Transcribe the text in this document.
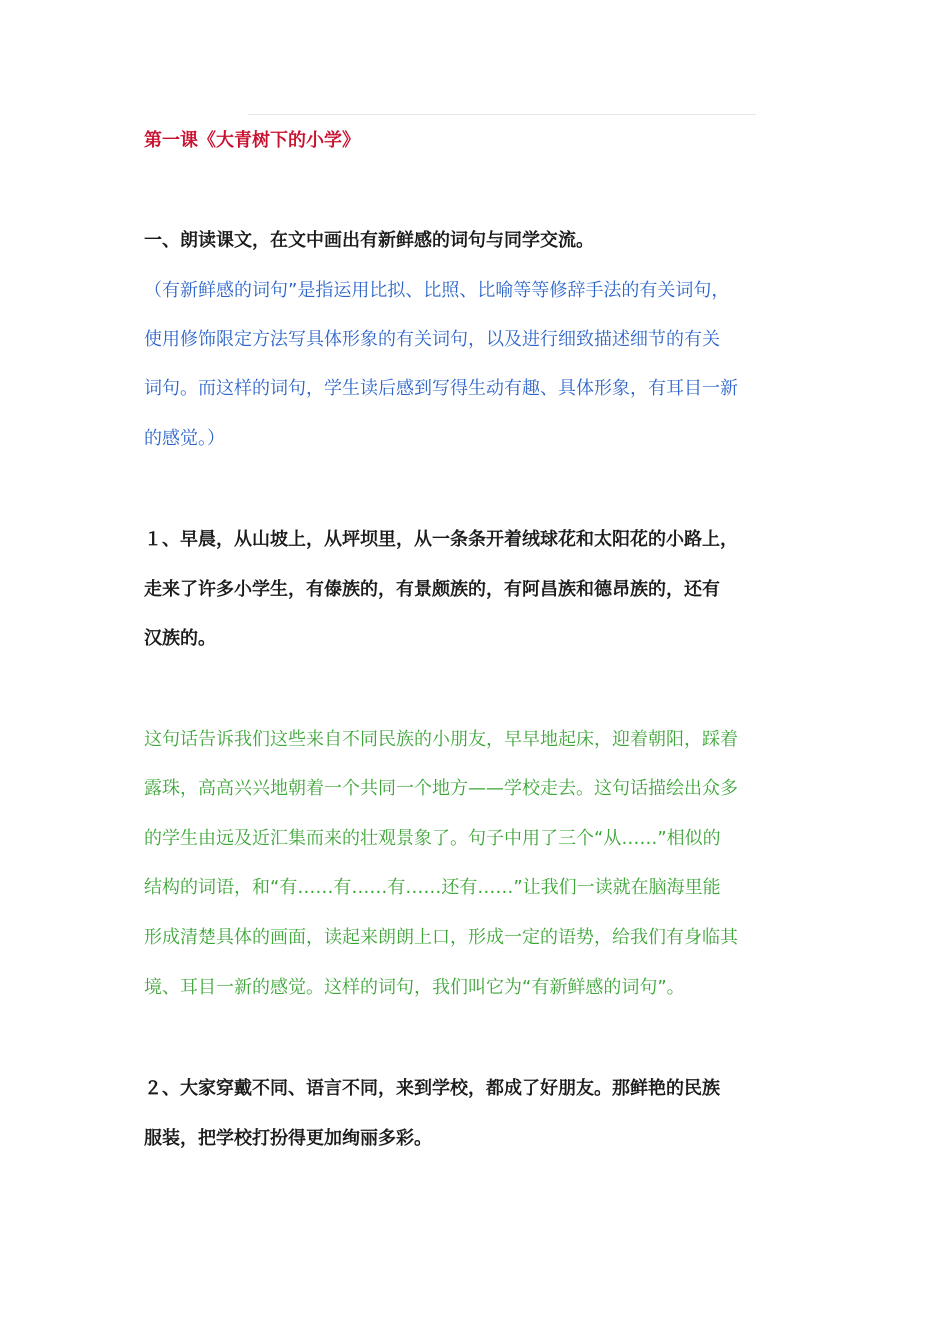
第一课《大青树下的小学》
一、朗读课文，在文中画出有新鲜感的词句与同学交流。
（有新鲜感的词句”是指运用比拟、比照、比喻等等修辞手法的有关词句，
使用修饰限定方法写具体形象的有关词句，以及进行细致描述细节的有关
词句。而这样的词句，学生读后感到写得生动有趣、具体形象，有耳目一新
的感觉。）
１、早晨，从山坡上，从坪坝里，从一条条开着绒球花和太阳花的小路上，
走来了许多小学生，有傣族的，有景颇族的，有阿昌族和德昂族的，还有
汉族的。
这句话告诉我们这些来自不同民族的小朋友，早早地起床，迎着朝阳，踩着
露珠，高高兴兴地朝着一个共同一个地方——学校走去。这句话描绘出众多
的学生由远及近汇集而来的壮观景象了。句子中用了三个“从……”相似的
结构的词语，和“有……有……有……还有……”让我们一读就在脑海里能
形成清楚具体的画面，读起来朗朗上口，形成一定的语势，给我们有身临其
境、耳目一新的感觉。这样的词句，我们叫它为“有新鲜感的词句”。
２、大家穿戴不同、语言不同，来到学校，都成了好朋友。那鲜艳的民族
服装，把学校打扮得更加绚丽多彩。
